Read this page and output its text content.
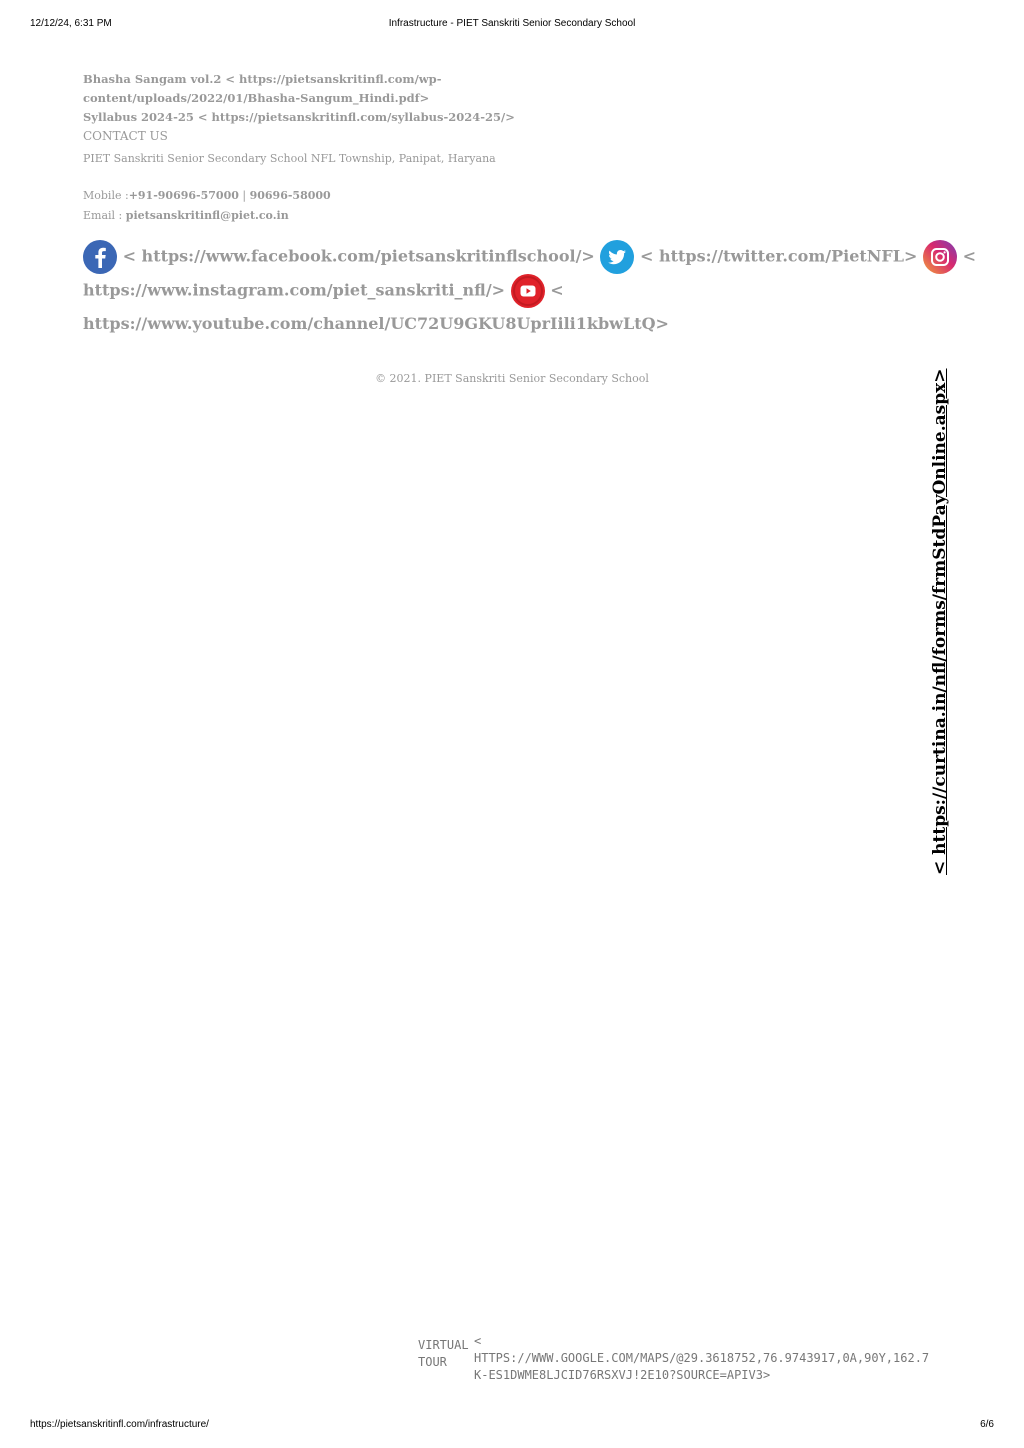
12/12/24, 6:31 PM	Infrastructure - PIET Sanskriti Senior Secondary School
Bhasha Sangam vol.2 < https://pietsanskritinfl.com/wp-
content/uploads/2022/01/Bhasha-Sangum_Hindi.pdf>
Syllabus 2024-25 < https://pietsanskritinfl.com/syllabus-2024-25/>
CONTACT US
PIET Sanskriti Senior Secondary School NFL Township, Panipat, Haryana
Mobile :+91-90696-57000 | 90696-58000
Email : pietsanskritinfl@piet.co.in
< https://www.facebook.com/pietsanskritinflschool/>	< https://twitter.com/PietNFL>	<
https://www.instagram.com/piet_sanskriti_nfl/>	<
https://www.youtube.com/channel/UC72U9GKU8UprIili1kbwLtQ>
© 2021. PIET Sanskriti Senior Secondary School	< https://curtina.in/nfl/forms/frmStdPayOnline.aspx>
VIRTUAL TOUR
<
HTTPS://WWW.GOOGLE.COM/MAPS/@29.3618752,76.9743917,0A,90Y,162.7
K-ES1DWME8LJCID76RSXVJ!2E10?SOURCE=APIV3>
https://pietsanskritinfl.com/infrastructure/	6/6
